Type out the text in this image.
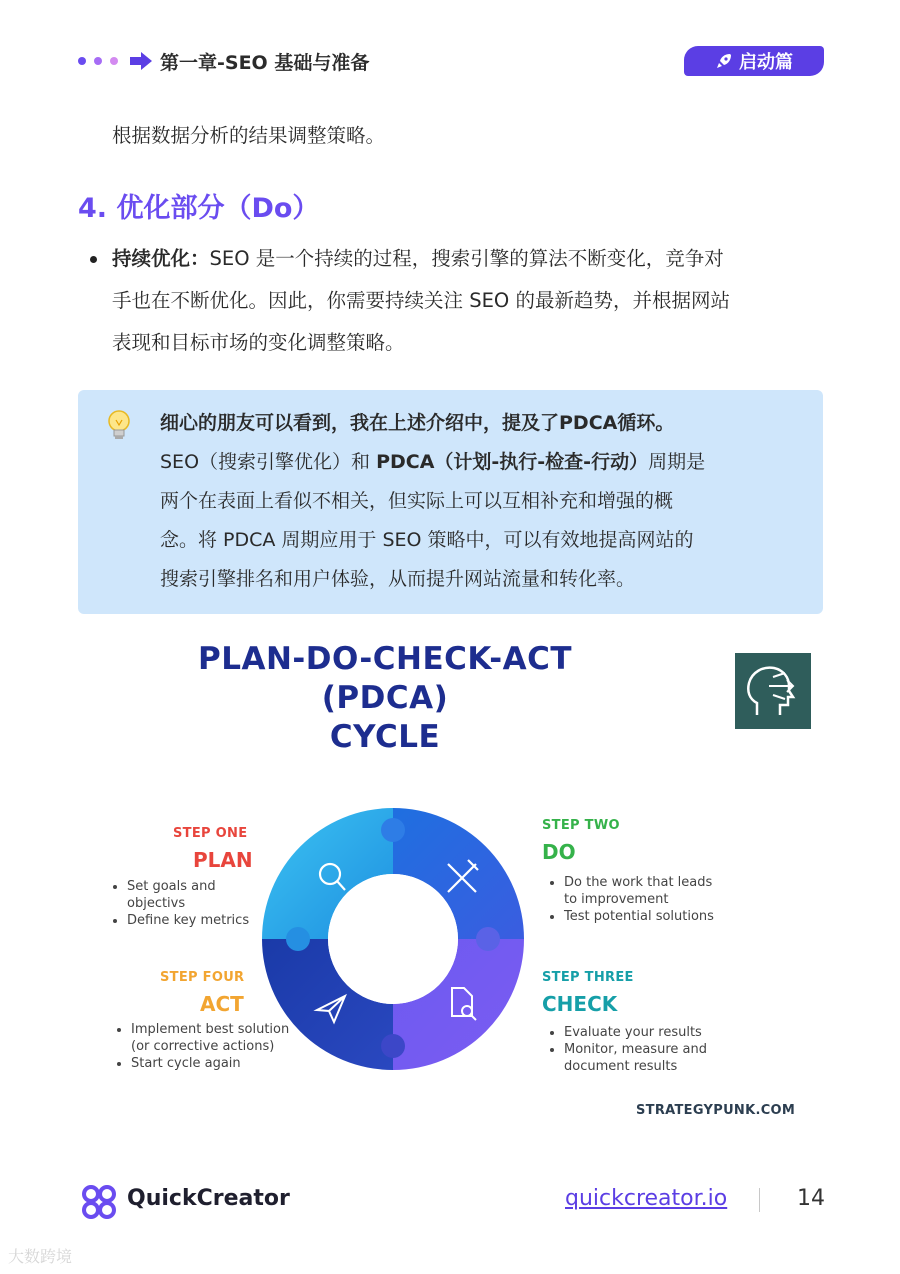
第一章-SEO 基础与准备	启动篇
根据数据分析的结果调整策略。
4. 优化部分（Do）
持续优化：SEO 是一个持续的过程，搜索引擎的算法不断变化，竞争对
手也在不断优化。因此，你需要持续关注 SEO 的最新趋势，并根据网站
表现和目标市场的变化调整策略。
细心的朋友可以看到，我在上述介绍中，提及了PDCA循环。
SEO（搜索引擎优化）和 PDCA（计划-执行-检查-行动）周期是
两个在表面上看似不相关，但实际上可以互相补充和增强的概
念。将 PDCA 周期应用于 SEO 策略中，可以有效地提高网站的
搜索引擎排名和用户体验，从而提升网站流量和转化率。
PLAN-DO-CHECK-ACT
(PDCA)
CYCLE
STEP ONE
PLAN
• Set goals and objectivs
• Define key metrics
STEP TWO
DO
• Do the work that leads to improvement
• Test potential solutions
STEP FOUR
ACT
• Implement best solution (or corrective actions)
• Start cycle again
STEP THREE
CHECK
• Evaluate your results
• Monitor, measure and document results
STRATEGYPUNK.COM
QuickCreator	quickcreator.io	14
大数跨境
